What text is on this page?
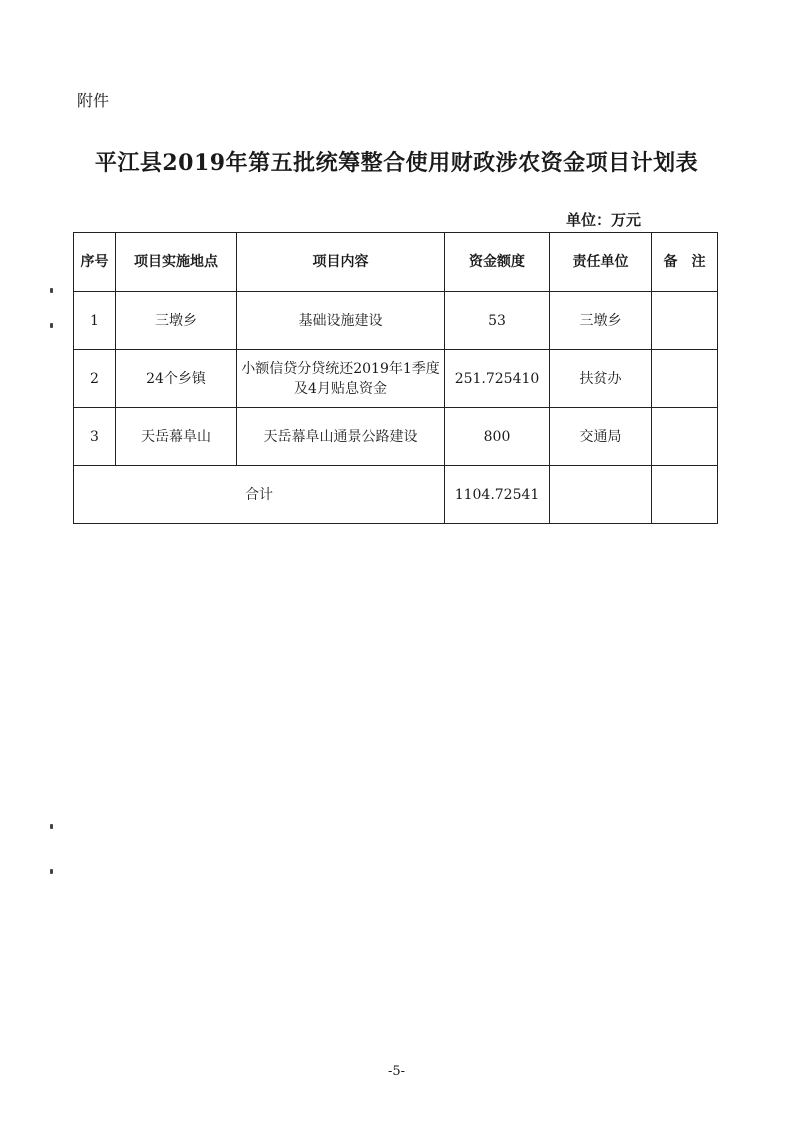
附件
平江县2019年第五批统筹整合使用财政涉农资金项目计划表
单位：万元
序号	项目实施地点	项目内容	资金额度	责任单位	备　注
1	三墩乡	基础设施建设	53	三墩乡	
2	24个乡镇	小额信贷分贷统还2019年1季度及4月贴息资金	251.725410	扶贫办	
3	天岳幕阜山	天岳幕阜山通景公路建设	800	交通局	
合计			1104.72541		
-5-
